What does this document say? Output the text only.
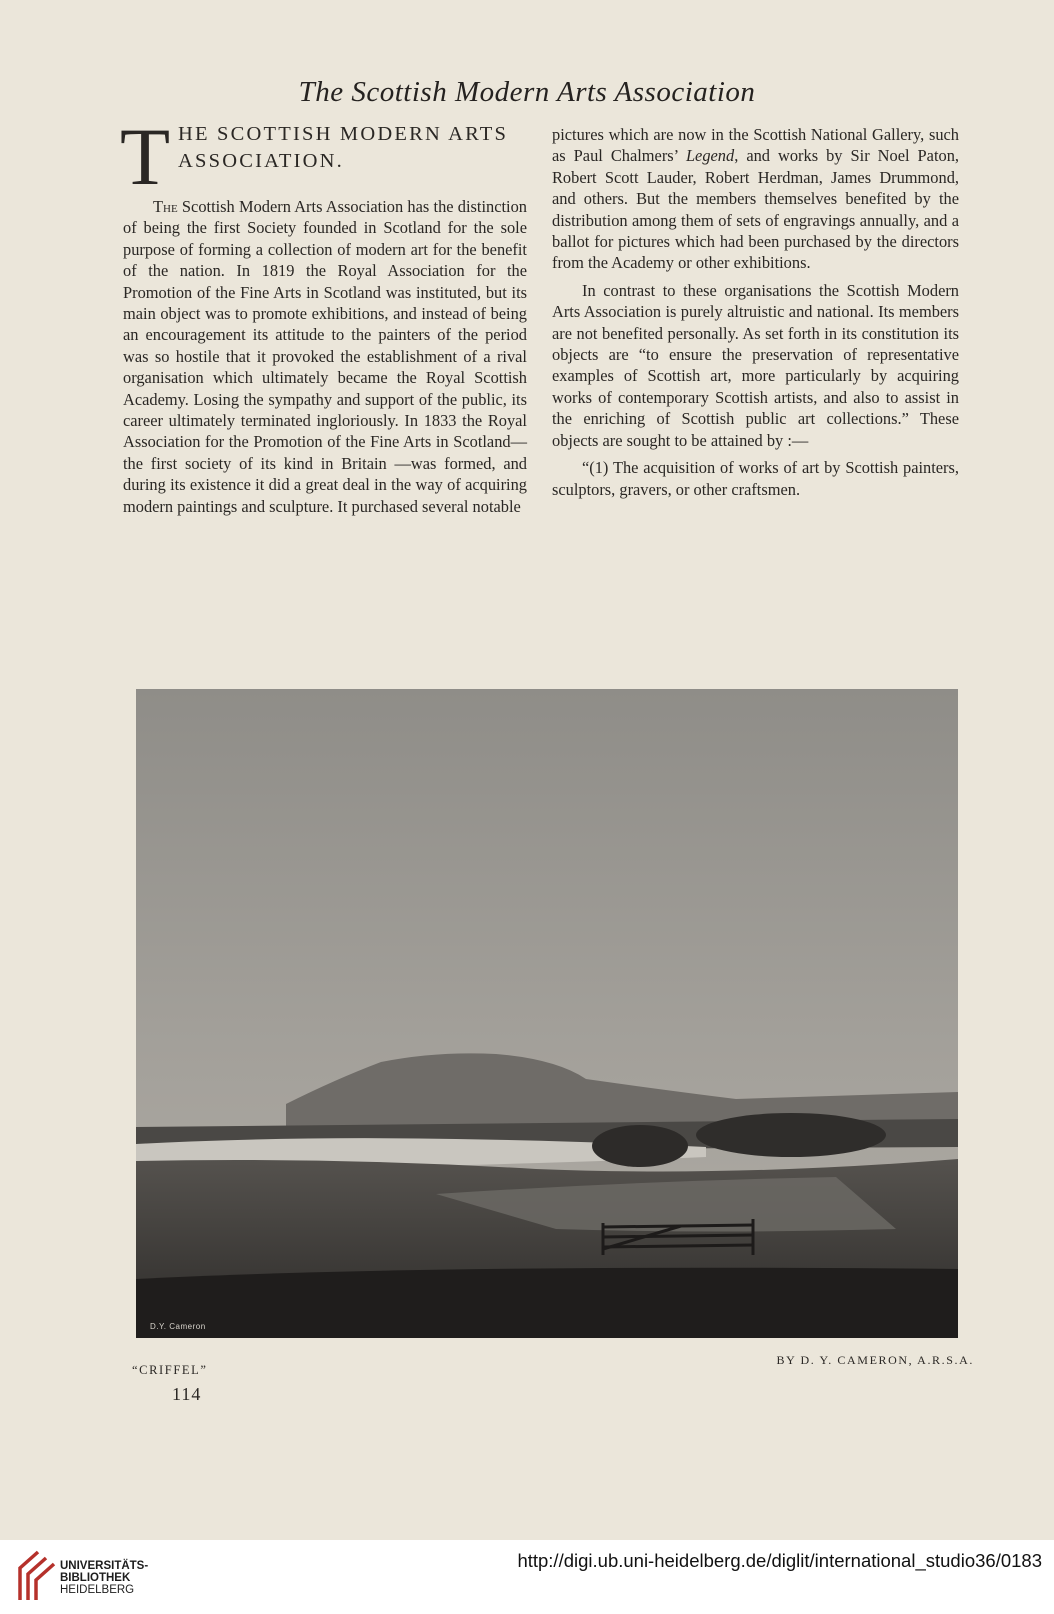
The Scottish Modern Arts Association
T HE SCOTTISH MODERN ARTS
ASSOCIATION.

The Scottish Modern Arts Association has the distinction of being the first Society founded in Scotland for the sole purpose of forming a collection of modern art for the benefit of the nation. In 1819 the Royal Association for the Promotion of the Fine Arts in Scotland was instituted, but its main object was to promote exhibitions, and instead of being an encouragement its attitude to the painters of the period was so hostile that it provoked the establishment of a rival organisation which ultimately became the Royal Scottish Academy. Losing the sympathy and support of the public, its career ultimately terminated ingloriously. In 1833 the Royal Association for the Promotion of the Fine Arts in Scotland—the first society of its kind in Britain —was formed, and during its existence it did a great deal in the way of acquiring modern paintings and sculpture. It purchased several notable

pictures which are now in the Scottish National Gallery, such as Paul Chalmers’ Legend, and works by Sir Noel Paton, Robert Scott Lauder, Robert Herdman, James Drummond, and others. But the members themselves benefited by the distribution among them of sets of engravings annually, and a ballot for pictures which had been purchased by the directors from the Academy or other exhibitions.

In contrast to these organisations the Scottish Modern Arts Association is purely altruistic and national. Its members are not benefited personally. As set forth in its constitution its objects are “to ensure the preservation of representative examples of Scottish art, more particularly by acquiring works of contemporary Scottish artists, and also to assist in the enriching of Scottish public art collections.” These objects are sought to be attained by :—

“(1) The acquisition of works of art by Scottish painters, sculptors, gravers, or other craftsmen.

D.Y. Cameron
“CRIFFEL”
BY D. Y. CAMERON, A.R.S.A.
114
UNIVERSITÄTS-
BIBLIOTHEK
HEIDELBERG
http://digi.ub.uni-heidelberg.de/diglit/international_studio36/0183
